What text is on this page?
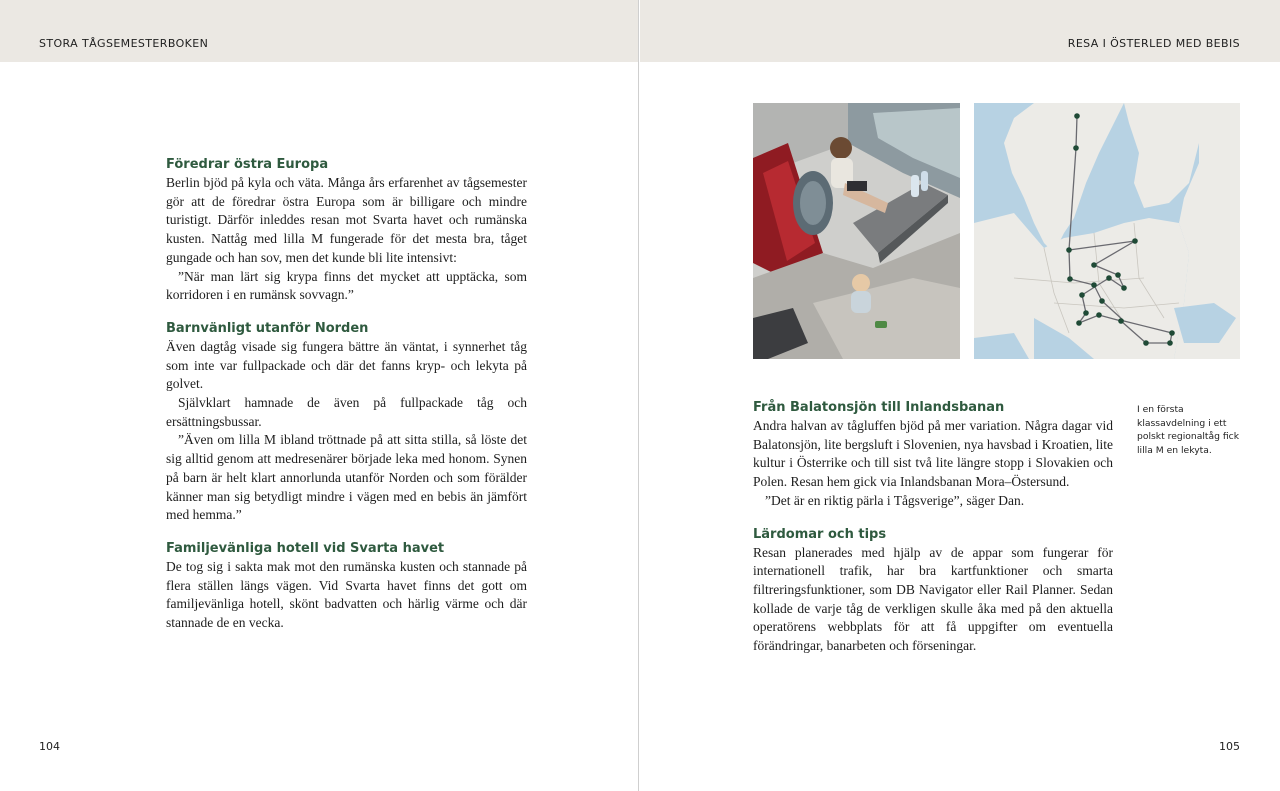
STORA TÅGSEMESTERBOKEN
Föredrar östra Europa

Berlin bjöd på kyla och väta. Många års erfarenhet av tågsemester gör att de föredrar östra Europa som är billigare och mindre turistigt. Därför inleddes resan mot Svarta havet och rumänska kusten. Nattåg med lilla M fungerade för det mesta bra, tåget gungade och han sov, men det kunde bli lite intensivt:

”När man lärt sig krypa finns det mycket att upptäcka, som korridoren i en rumänsk sovvagn.”

Barnvänligt utanför Norden

Även dagtåg visade sig fungera bättre än väntat, i synnerhet tåg som inte var fullpackade och där det fanns kryp- och lekyta på golvet.

Självklart hamnade de även på fullpackade tåg och ersättningsbussar.

”Även om lilla M ibland tröttnade på att sitta stilla, så löste det sig alltid genom att medresenärer började leka med honom. Synen på barn är helt klart annorlunda utanför Norden och som förälder känner man sig betydligt mindre i vägen med en bebis än jämfört med hemma.”

Familjevänliga hotell vid Svarta havet

De tog sig i sakta mak mot den rumänska kusten och stannade på flera ställen längs vägen. Vid Svarta havet finns det gott om familjevänliga hotell, skönt badvatten och härlig värme och där stannade de en vecka.

104
RESA I ÖSTERLED MED BEBIS
Från Balatonsjön till Inlandsbanan

Andra halvan av tågluffen bjöd på mer variation. Några dagar vid Balatonsjön, lite bergsluft i Slovenien, nya havsbad i Kroatien, lite kultur i Österrike och till sist två lite längre stopp i Slovakien och Polen. Resan hem gick via Inlandsbanan Mora–Östersund.

”Det är en riktig pärla i Tågsverige”, säger Dan.

Lärdomar och tips

Resan planerades med hjälp av de appar som fungerar för internationell trafik, har bra kartfunktioner och smarta filtreringsfunktioner, som DB Navigator eller Rail Planner. Sedan kollade de varje tåg de verkligen skulle åka med på den aktuella operatörens webbplats för att få uppgifter om eventuella förändringar, banarbeten och förseningar.

I en första klassavdelning i ett polskt regionaltåg fick lilla M en lekyta.

105
